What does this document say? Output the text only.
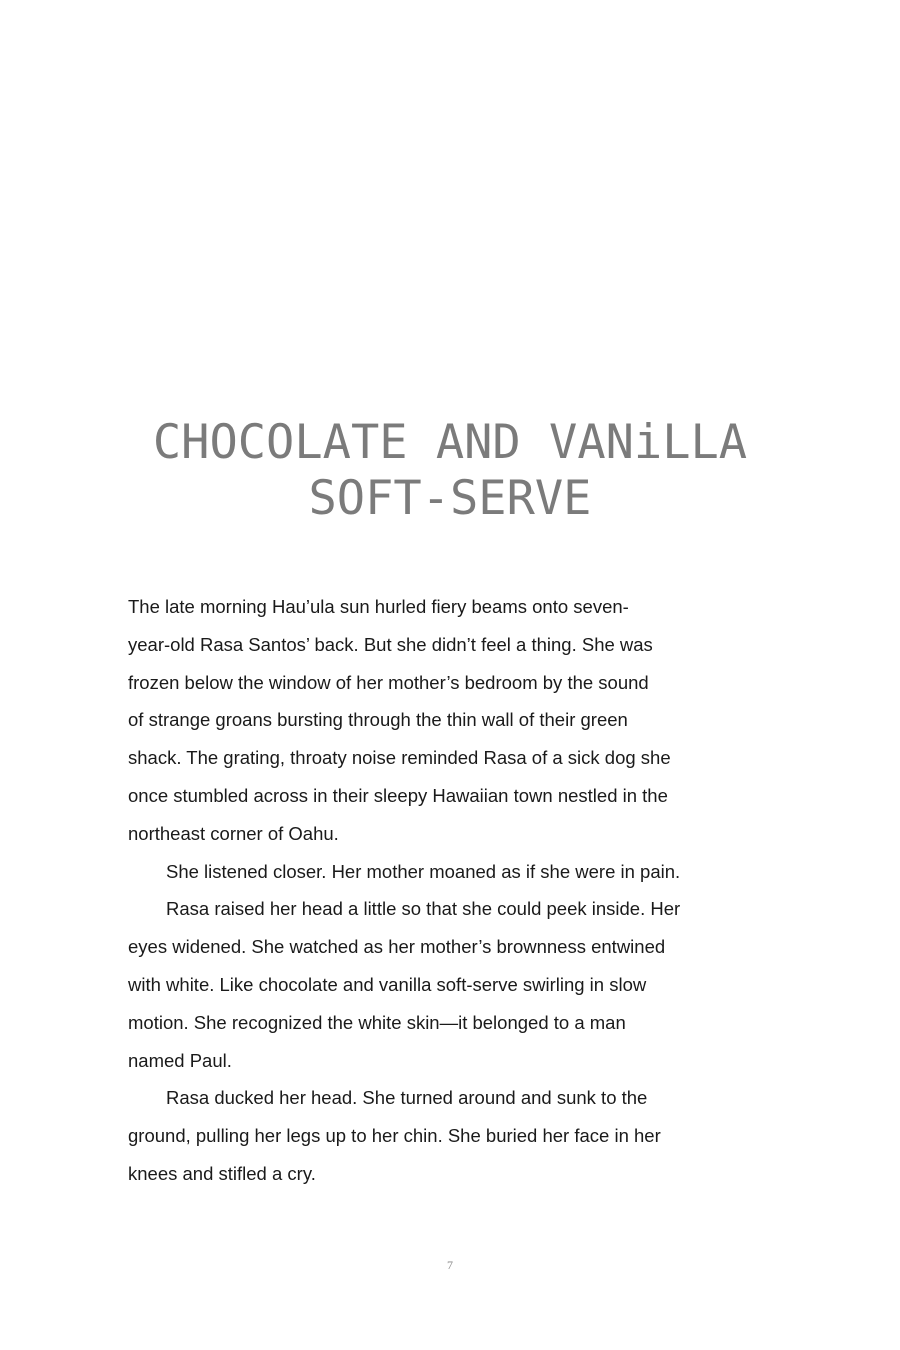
CHOCOLATE AND VANiLLA
SOFT-SERVE
The late morning Hau’ula sun hurled fiery beams onto seven-
year-old Rasa Santos’ back. But she didn’t feel a thing. She was
frozen below the window of her mother’s bedroom by the sound
of strange groans bursting through the thin wall of their green
shack. The grating, throaty noise reminded Rasa of a sick dog she
once stumbled across in their sleepy Hawaiian town nestled in the
northeast corner of Oahu.
She listened closer. Her mother moaned as if she were in pain.
Rasa raised her head a little so that she could peek inside. Her
eyes widened. She watched as her mother’s brownness entwined
with white. Like chocolate and vanilla soft-serve swirling in slow
motion. She recognized the white skin—it belonged to a man
named Paul.
Rasa ducked her head. She turned around and sunk to the
ground, pulling her legs up to her chin. She buried her face in her
knees and stifled a cry.
7
